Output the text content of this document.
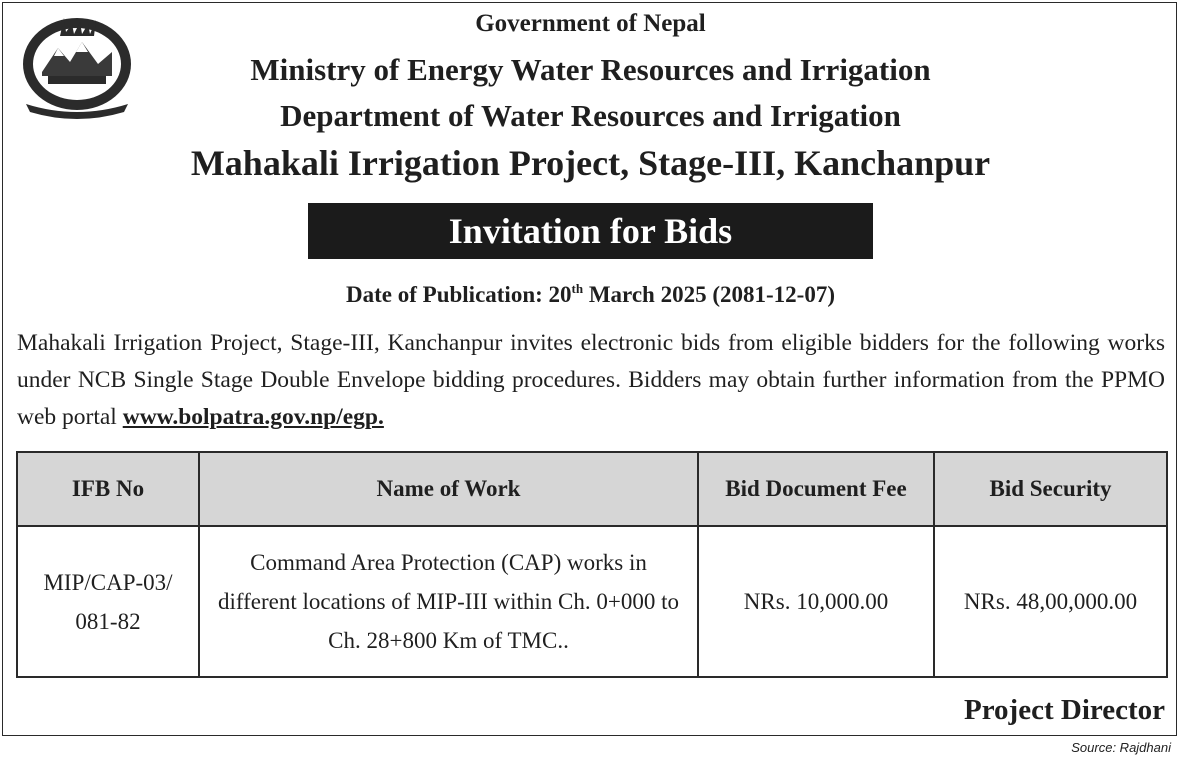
Government of Nepal
Ministry of Energy Water Resources and Irrigation
Department of Water Resources and Irrigation
Mahakali Irrigation Project, Stage-III, Kanchanpur
Invitation for Bids
Date of Publication: 20th March 2025 (2081-12-07)
Mahakali Irrigation Project, Stage-III, Kanchanpur invites electronic bids from eligible bidders for the following works under NCB Single Stage Double Envelope bidding procedures. Bidders may obtain further information from the PPMO web portal www.bolpatra.gov.np/egp.
IFB No	Name of Work	Bid Document Fee	Bid Security
MIP/CAP-03/ 081-82	Command Area Protection (CAP) works in different locations of MIP-III within Ch. 0+000 to Ch. 28+800 Km of TMC..	NRs. 10,000.00	NRs. 48,00,000.00
Project Director
Source: Rajdhani
